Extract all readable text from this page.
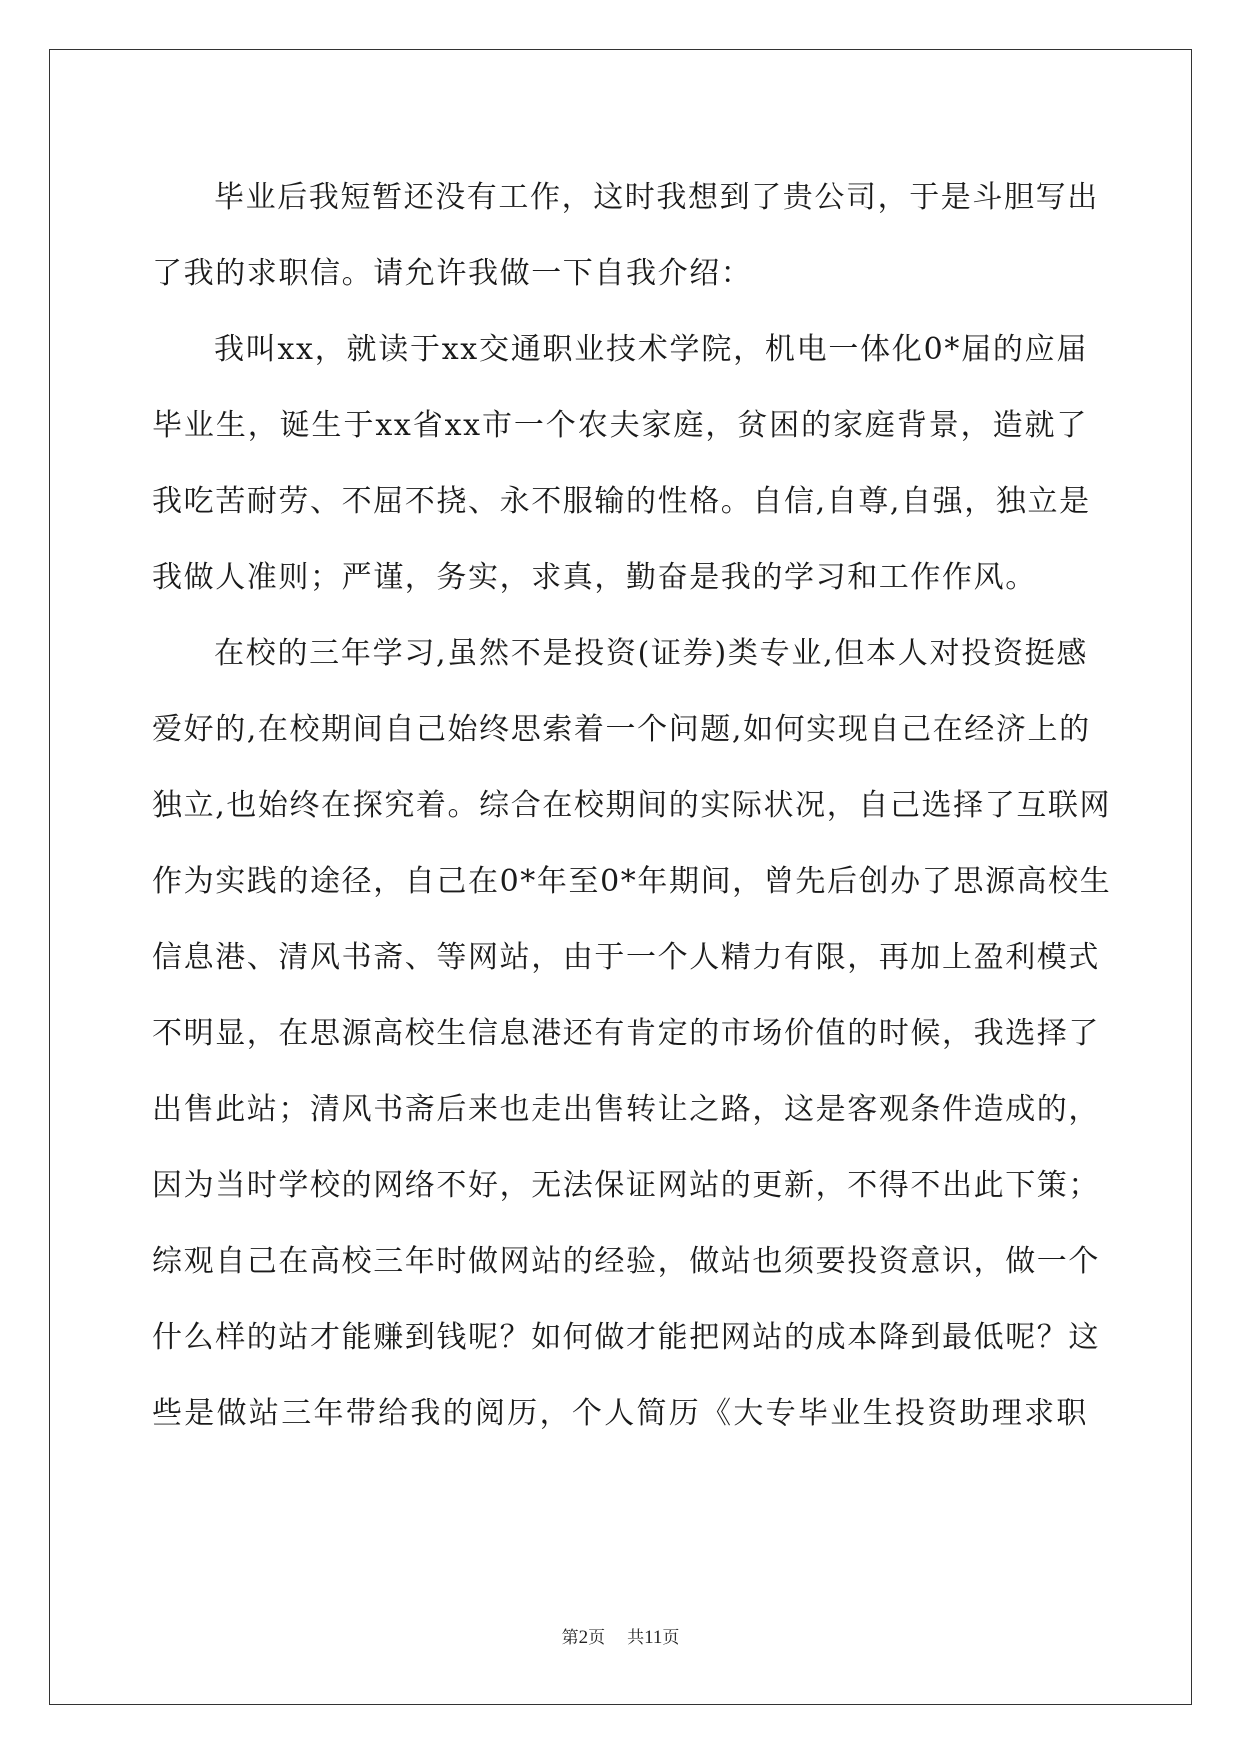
毕业后我短暂还没有工作，这时我想到了贵公司，于是斗胆写出
了我的求职信。请允许我做一下自我介绍：
我叫xx，就读于xx交通职业技术学院，机电一体化0*届的应届
毕业生，诞生于xx省xx市一个农夫家庭，贫困的家庭背景，造就了
我吃苦耐劳、不屈不挠、永不服输的性格。自信,自尊,自强，独立是
我做人准则；严谨，务实，求真，勤奋是我的学习和工作作风。
在校的三年学习,虽然不是投资(证券)类专业,但本人对投资挺感
爱好的,在校期间自己始终思索着一个问题,如何实现自己在经济上的
独立,也始终在探究着。综合在校期间的实际状况，自己选择了互联网
作为实践的途径，自己在0*年至0*年期间，曾先后创办了思源高校生
信息港、清风书斋、等网站，由于一个人精力有限，再加上盈利模式
不明显，在思源高校生信息港还有肯定的市场价值的时候，我选择了
出售此站；清风书斋后来也走出售转让之路，这是客观条件造成的，
因为当时学校的网络不好，无法保证网站的更新，不得不出此下策；
综观自己在高校三年时做网站的经验，做站也须要投资意识，做一个
什么样的站才能赚到钱呢？如何做才能把网站的成本降到最低呢？这
些是做站三年带给我的阅历，个人简历《大专毕业生投资助理求职
第2页 共11页
